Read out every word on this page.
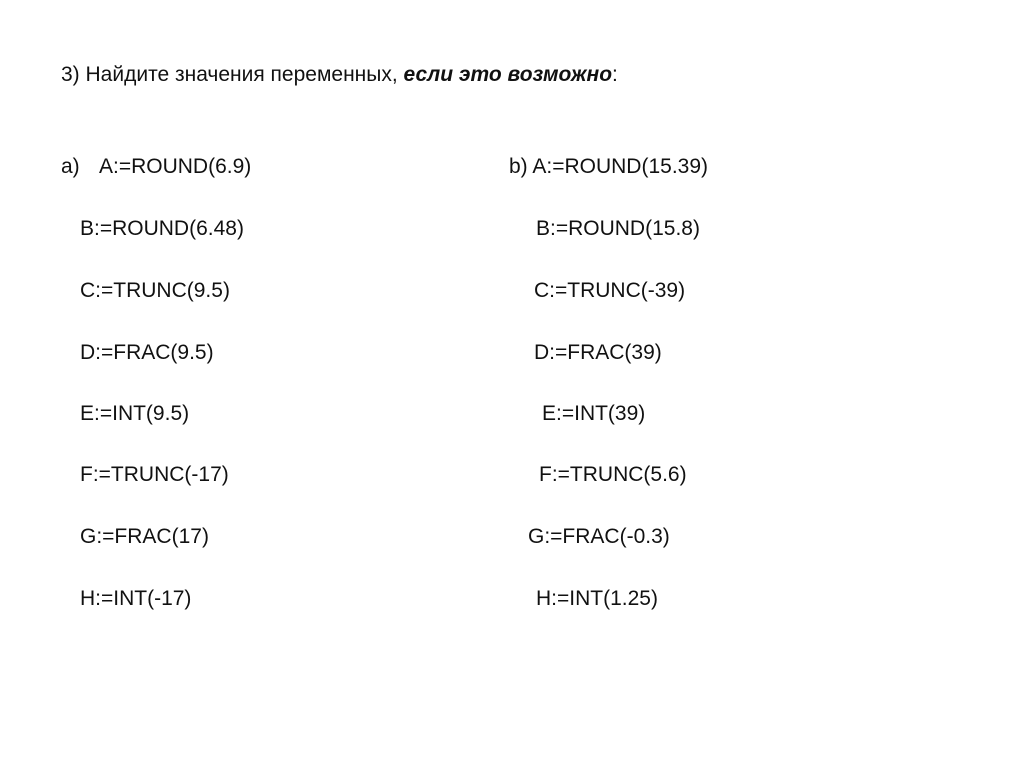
3) Найдите значения переменных, если это возможно:
a) A:=ROUND(6.9)
B:=ROUND(6.48)
C:=TRUNC(9.5)
D:=FRAC(9.5)
E:=INT(9.5)
F:=TRUNC(-17)
G:=FRAC(17)
H:=INT(-17)
b) A:=ROUND(15.39)
B:=ROUND(15.8)
C:=TRUNC(-39)
D:=FRAC(39)
E:=INT(39)
F:=TRUNC(5.6)
G:=FRAC(-0.3)
H:=INT(1.25)
